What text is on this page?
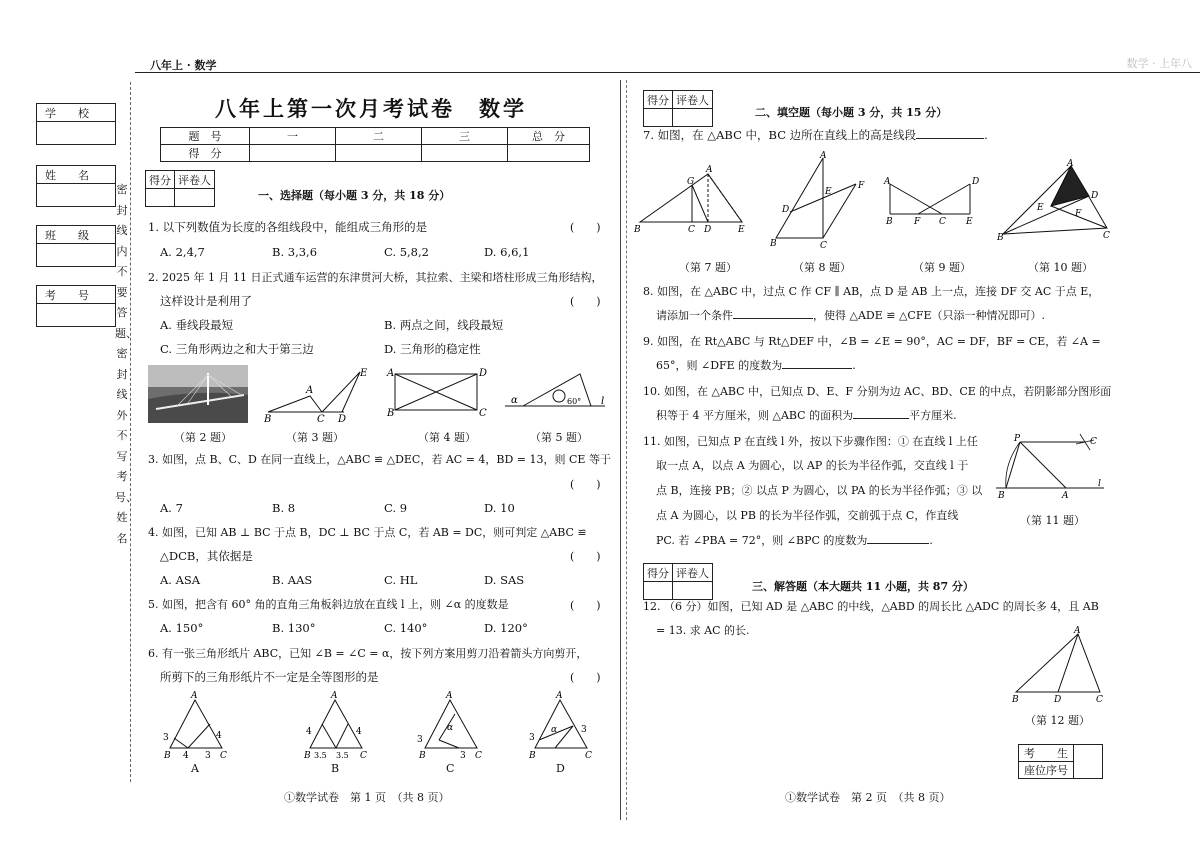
八年上 · 数学	数学 · 上年八
学　　校
姓　　名
班　　级
考　　号
密封线内不要答题、密封线外不写考号、姓名
八年上第一次月考试卷　数学
题　号	一	二	三	总　分
得　分				
得分	评卷人

一、选择题（每小题 3 分，共 18 分）
1. 以下列数值为长度的各组线段中，能组成三角形的是	(　　)
A. 2,4,7	B. 3,3,6	C. 5,8,2	D. 6,6,1
2. 2025 年 1 月 11 日正式通车运营的东津贯河大桥，其拉索、主梁和塔柱形成三角形结构，
这样设计是利用了	(　　)
A. 垂线段最短	B. 两点之间，线段最短
C. 三角形两边之和大于第三边	D. 三角形的稳定性
B
A
C D
E A	D
B	C
α	60° l
（第 2 题）	（第 3 题）	（第 4 题）	（第 5 题）
3. 如图，点 B、C、D 在同一直线上，△ABC ≌ △DEC，若 AC = 4，BD = 13，则 CE 等于
(　　)
A. 7	B. 8	C. 9	D. 10
4. 如图，已知 AB ⊥ BC 于点 B，DC ⊥ BC 于点 C，若 AB = DC，则可判定 △ABC ≌
△DCB，其依据是	(　　)
A. ASA	B. AAS	C. HL	D. SAS
5. 如图，把含有 60° 角的直角三角板斜边放在直线 l 上，则 ∠α 的度数是	(　　)
A. 150°	B. 130°	C. 140°	D. 120°
6. 有一张三角形纸片 ABC，已知 ∠B = ∠C = α，按下列方案用剪刀沿着箭头方向剪开，
所剪下的三角形纸片不一定是全等图形的是	(　　)
A
B	C
3
4 3
4
A
B	C
4	4
3.5 3.5
A
B	C
3
3
α
A
B	C
3
3
α
A	B	C	D
①数学试卷　第 1 页　（共 8 页）
得分	评卷人

二、填空题（每小题 3 分，共 15 分）
7. 如图，在 △ABC 中，BC 边所在直线上的高是线段	.
B	C D	E
A
G
A
B	C
D
E
F A	D
B F C E
A
B	C
D
E
F
（第 7 题）	（第 8 题）	（第 9 题）	（第 10 题）
8. 如图，在 △ABC 中，过点 C 作 CF ∥ AB，点 D 是 AB 上一点，连接 DF 交 AC 于点 E，
请添加一个条件	，使得 △ADE ≌ △CFE（只添一种情况即可）.
9. 如图，在 Rt△ABC 与 Rt△DEF 中，∠B = ∠E = 90°，AC = DF，BF = CE，若 ∠A =
65°，则 ∠DFE 的度数为	.
10. 如图，在 △ABC 中，已知点 D、E、F 分别为边 AC、BD、CE 的中点，若阴影部分图形面
积等于 4 平方厘米，则 △ABC 的面积为	平方厘米.
11. 如图，已知点 P 在直线 l 外，按以下步骤作图：① 在直线 l 上任
取一点 A，以点 A 为圆心，以 AP 的长为半径作弧，交直线 l 于
点 B，连接 PB；② 以点 P 为圆心，以 PA 的长为半径作弧；③ 以
点 A 为圆心，以 PB 的长为半径作弧，交前弧于点 C，作直线
PC. 若 ∠PBA = 72°，则 ∠BPC 的度数为	.
P	C
B	A
l
（第 11 题）
得分	评卷人

三、解答题（本大题共 11 小题，共 87 分）
12. （6 分）如图，已知 AD 是 △ABC 的中线，△ABD 的周长比 △ADC 的周长多 4，且 AB
= 13. 求 AC 的长.	A
B	D	C
（第 12 题）
考　　生	
座位序号
①数学试卷　第 2 页　（共 8 页）
